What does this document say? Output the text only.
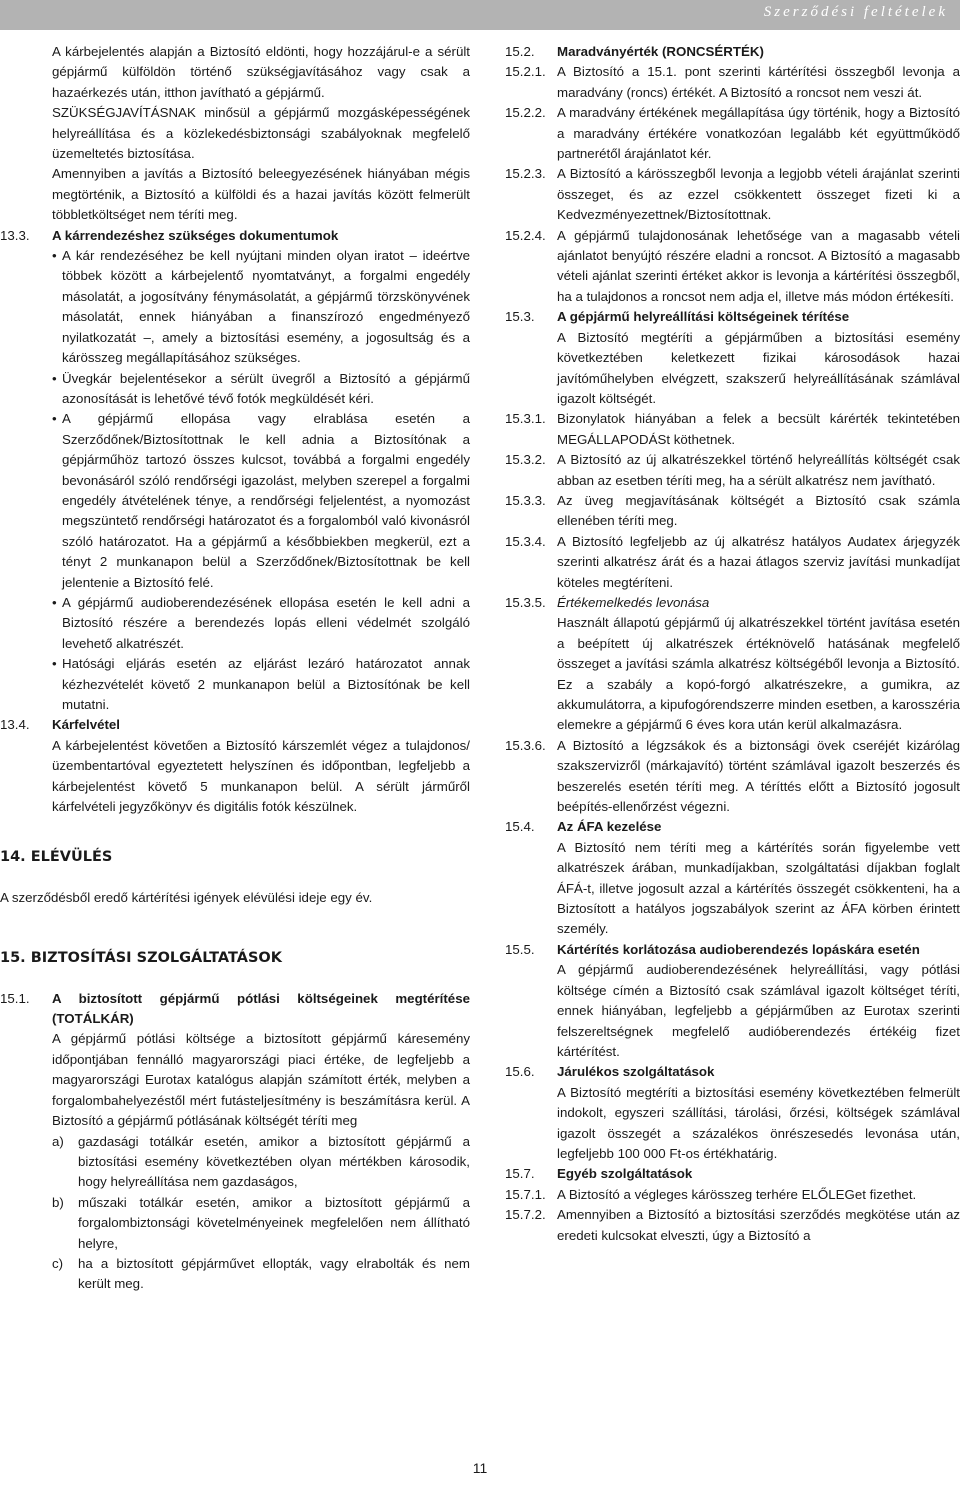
Szerződési feltételek

A kárbejelentés alapján a Biztosító eldönti, hogy hozzájárul-e a sérült gépjármű külföldön történő szükségjavításához vagy csak a hazaérkezés után, itthon javítható a gépjármű.

SZÜKSÉGJAVÍTÁSNAK minősül a gépjármű mozgásképességének helyreállítása és a közlekedésbiztonsági szabályoknak megfelelő üzemeltetés biztosítása.

Amennyiben a javítás a Biztosító beleegyezésének hiányában mégis megtörténik, a Biztosító a külföldi és a hazai javítás között felmerült többletköltséget nem téríti meg.

13.3. A kárrendezéshez szükséges dokumentumok
• A kár rendezéséhez be kell nyújtani minden olyan iratot – ideértve többek között a kárbejelentő nyomtatványt, a forgalmi engedély másolatát, a jogosítvány fénymásolatát, a gépjármű törzskönyvének másolatát, ennek hiányában a finanszírozó engedményező nyilatkozatát –, amely a biztosítási esemény, a jogosultság és a kárösszeg megállapításához szükséges.
• Üvegkár bejelentésekor a sérült üvegről a Biztosító a gépjármű azonosítását is lehetővé tévő fotók megküldését kéri.
• A gépjármű ellopása vagy elrablása esetén a Szerződőnek/Biztosítottnak le kell adnia a Biztosítónak a gépjárműhöz tartozó összes kulcsot, továbbá a forgalmi engedély bevonásáról szóló rendőrségi igazolást, melyben szerepel a forgalmi engedély átvételének ténye, a rendőrségi feljelentést, a nyomozást megszüntető rendőrségi határozatot és a forgalomból való kivonásról szóló határozatot. Ha a gépjármű a későbbiekben megkerül, ezt a tényt 2 munkanapon belül a Szerződőnek/Biztosítottnak be kell jelentenie a Biztosító felé.
• A gépjármű audioberendezésének ellopása esetén le kell adni a Biztosító részére a berendezés lopás elleni védelmét szolgáló levehető alkatrészét.
• Hatósági eljárás esetén az eljárást lezáró határozatot annak kézhezvételét követő 2 munkanapon belül a Biztosítónak be kell mutatni.
13.4. Kárfelvétel

A kárbejelentést követően a Biztosító kárszemlét végez a tulajdonos/üzembentartóval egyeztetett helyszínen és időpontban, legfeljebb a kárbejelentést követő 5 munkanapon belül. A sérült járműről kárfelvételi jegyzőkönyv és digitális fotók készülnek.

14. ELÉVÜLÉS

A szerződésből eredő kártérítési igények elévülési ideje egy év.

15. BIZTOSÍTÁSI SZOLGÁLTATÁSOK

15.1. A biztosított gépjármű pótlási költségeinek megtérítése (TOTÁLKÁR)

A gépjármű pótlási költsége a biztosított gépjármű káresemény időpontjában fennálló magyarországi piaci értéke, de legfeljebb a magyarországi Eurotax katalógus alapján számított érték, melyben a forgalombahelyezéstől mért futásteljesítmény is beszámításra kerül. A Biztosító a gépjármű pótlásának költségét téríti meg

a) gazdasági totálkár esetén, amikor a biztosított gépjármű a biztosítási esemény következtében olyan mértékben károsodik, hogy helyreállítása nem gazdaságos,
b) műszaki totálkár esetén, amikor a biztosított gépjármű a forgalombiztonsági követelményeinek megfelelően nem állítható helyre,
c) ha a biztosított gépjárművet ellopták, vagy elrabolták és nem került meg.
15.2. Maradványérték (RONCSÉRTÉK)
15.2.1. A Biztosító a 15.1. pont szerinti kártérítési összegből levonja a maradvány (roncs) értékét. A Biztosító a roncsot nem veszi át.
15.2.2. A maradvány értékének megállapítása úgy történik, hogy a Biztosító a maradvány értékére vonatkozóan legalább két együttműködő partnerétől árajánlatot kér.
15.2.3. A Biztosító a kárösszegből levonja a legjobb vételi árajánlat szerinti összeget, és az ezzel csökkentett összeget fizeti ki a Kedvezményezettnek/Biztosítottnak.
15.2.4. A gépjármű tulajdonosának lehetősége van a magasabb vételi ajánlatot benyújtó részére eladni a roncsot. A Biztosító a magasabb vételi ajánlat szerinti értéket akkor is levonja a kártérítési összegből, ha a tulajdonos a roncsot nem adja el, illetve más módon értékesíti.
15.3. A gépjármű helyreállítási költségeinek térítése

A Biztosító megtéríti a gépjárműben a biztosítási esemény következtében keletkezett fizikai károsodások hazai javítóműhelyben elvégzett, szakszerű helyreállításának számlával igazolt költségét.

15.3.1. Bizonylatok hiányában a felek a becsült kárérték tekintetében MEGÁLLAPODÁSt köthetnek.
15.3.2. A Biztosító az új alkatrészekkel történő helyreállítás költségét csak abban az esetben téríti meg, ha a sérült alkatrész nem javítható.
15.3.3. Az üveg megjavításának költségét a Biztosító csak számla ellenében téríti meg.
15.3.4. A Biztosító legfeljebb az új alkatrész hatályos Audatex árjegyzék szerinti alkatrész árát és a hazai átlagos szerviz javítási munkadíjat köteles megtéríteni.
15.3.5. Értékemelkedés levonása

Használt állapotú gépjármű új alkatrészekkel történt javítása esetén a beépített új alkatrészek értéknövelő hatásának megfelelő összeget a javítási számla alkatrész költségéből levonja a Biztosító. Ez a szabály a kopó-forgó alkatrészekre, a gumikra, az akkumulátorra, a kipufogórendszerre minden esetben, a karosszéria elemekre a gépjármű 6 éves kora után kerül alkalmazásra.

15.3.6. A Biztosító a légzsákok és a biztonsági övek cseréjét kizárólag szakszervizről (márkajavító) történt számlával igazolt beszerzés és beszerelés esetén téríti meg. A téríttés előtt a Biztosító jogosult beépítés-ellenőrzést végezni.
15.4. Az ÁFA kezelése

A Biztosító nem téríti meg a kártérítés során figyelembe vett alkatrészek árában, munkadíjakban, szolgáltatási díjakban foglalt ÁFÁ-t, illetve jogosult azzal a kártérítés összegét csökkenteni, ha a Biztosított a hatályos jogszabályok szerint az ÁFA körben érintett személy.

15.5. Kártérítés korlátozása audioberendezés lopáskára esetén

A gépjármű audioberendezésének helyreállítási, vagy pótlási költsége címén a Biztosító csak számlával igazolt költséget téríti, ennek hiányában, legfeljebb a gépjárműben az Eurotax szerinti felszereltségnek megfelelő audióberendezés értékéig fizet kártérítést.

15.6. Járulékos szolgáltatások

A Biztosító megtéríti a biztosítási esemény következtében felmerült indokolt, egyszeri szállítási, tárolási, őrzési, költségek számlával igazolt összegét a százalékos önrészesedés levonása után, legfeljebb 100 000 Ft-os értékhatárig.

15.7. Egyéb szolgáltatások
15.7.1. A Biztosító a végleges kárösszeg terhére ELŐLEGet fizethet.
15.7.2. Amennyiben a Biztosító a biztosítási szerződés megkötése után az eredeti kulcsokat elveszti, úgy a Biztosító a
11
